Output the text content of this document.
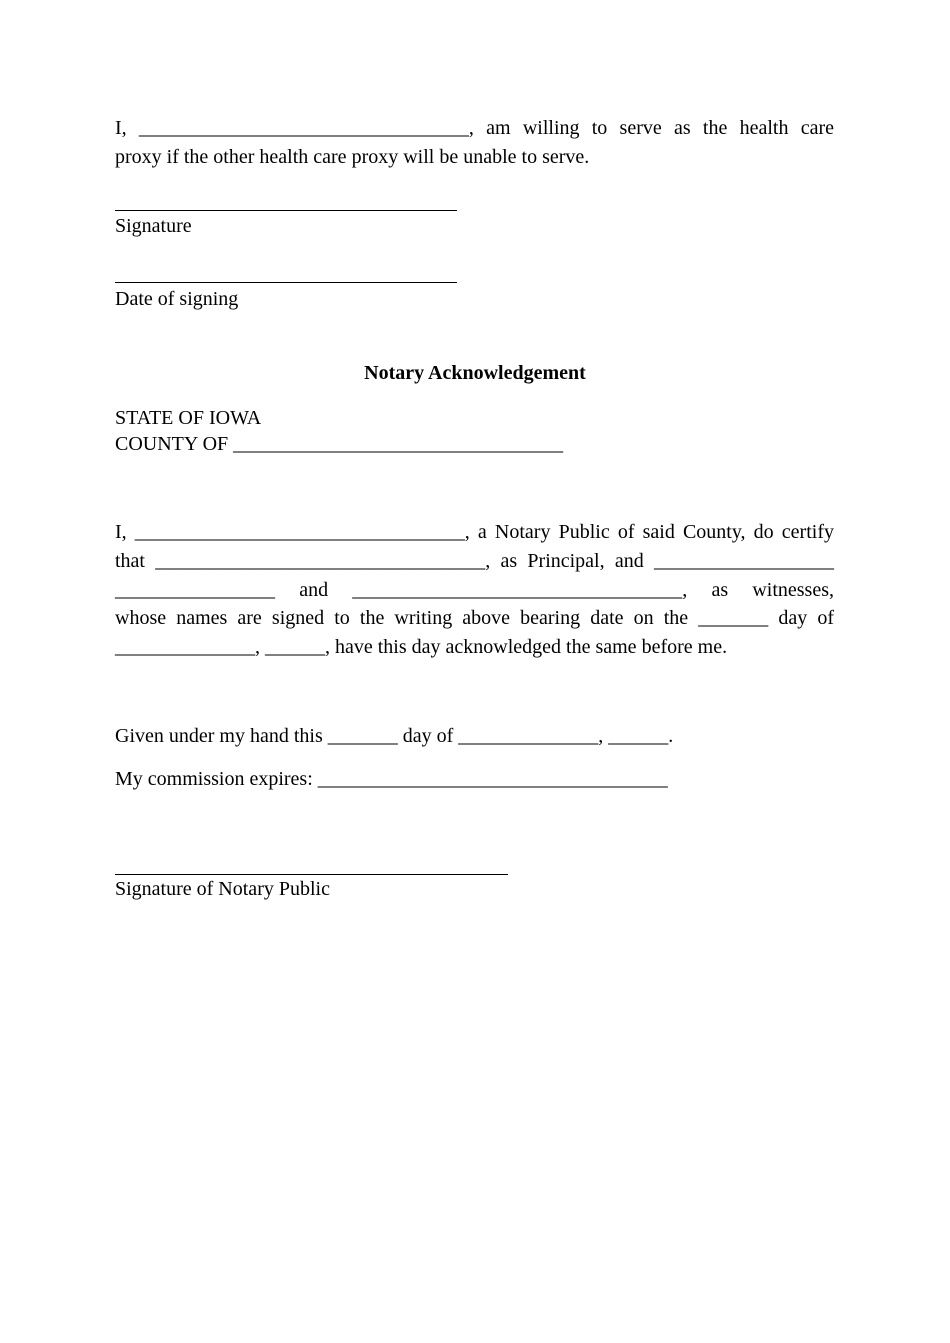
I, _________________________________, am willing to serve as the health care
proxy if the other health care proxy will be unable to serve.
Signature
Date of signing
Notary Acknowledgement
STATE OF IOWA
COUNTY OF _________________________________
I, _________________________________, a Notary Public of said County, do certify
that _________________________________, as Principal, and __________________
________________ and _________________________________, as witnesses,
whose names are signed to the writing above bearing date on the _______ day of
______________, ______, have this day acknowledged the same before me.
Given under my hand this _______ day of ______________, ______.
My commission expires: ___________________________________
Signature of Notary Public
